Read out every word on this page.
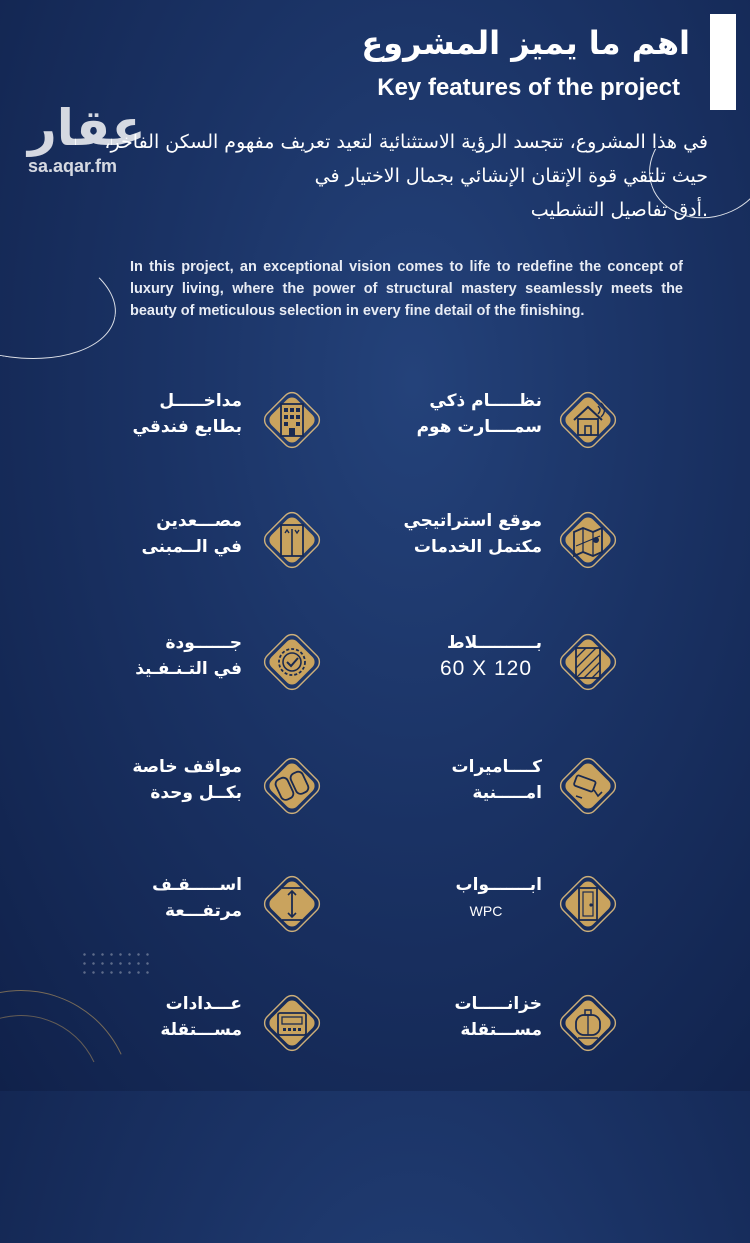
اهم ما يميز المشروع
Key features of the project
عقار
sa.aqar.fm
في هذا المشروع، تتجسد الرؤية الاستثنائية لتعيد تعريف مفهوم السكن الفاخر، حيث تلتقي قوة الإتقان الإنشائي بجمال الاختيار في
.أدق تفاصيل التشطيب
In this project, an exceptional vision comes to life to redefine the concept of luxury living, where the power of structural mastery seamlessly meets the beauty of meticulous selection in every fine detail of the finishing.
مداخـــــل
بطابع فندقي
نظـــــام ذكي
سمــــارت هوم
مصـــعدين
في الــمبنى
موقع استراتيجي
مكتمل الخدمات
جــــــودة
في التـنـفـيذ
بــــــــــلاط
60 X 120
مواقف خاصة
بكــل وحدة
كــــاميرات
امـــــنية
اســـــقـف
مرتفـــعة
ابـــــــواب
WPC
عـــدادات
مســـتقلة
خزانـــــات
مســـتقلة
